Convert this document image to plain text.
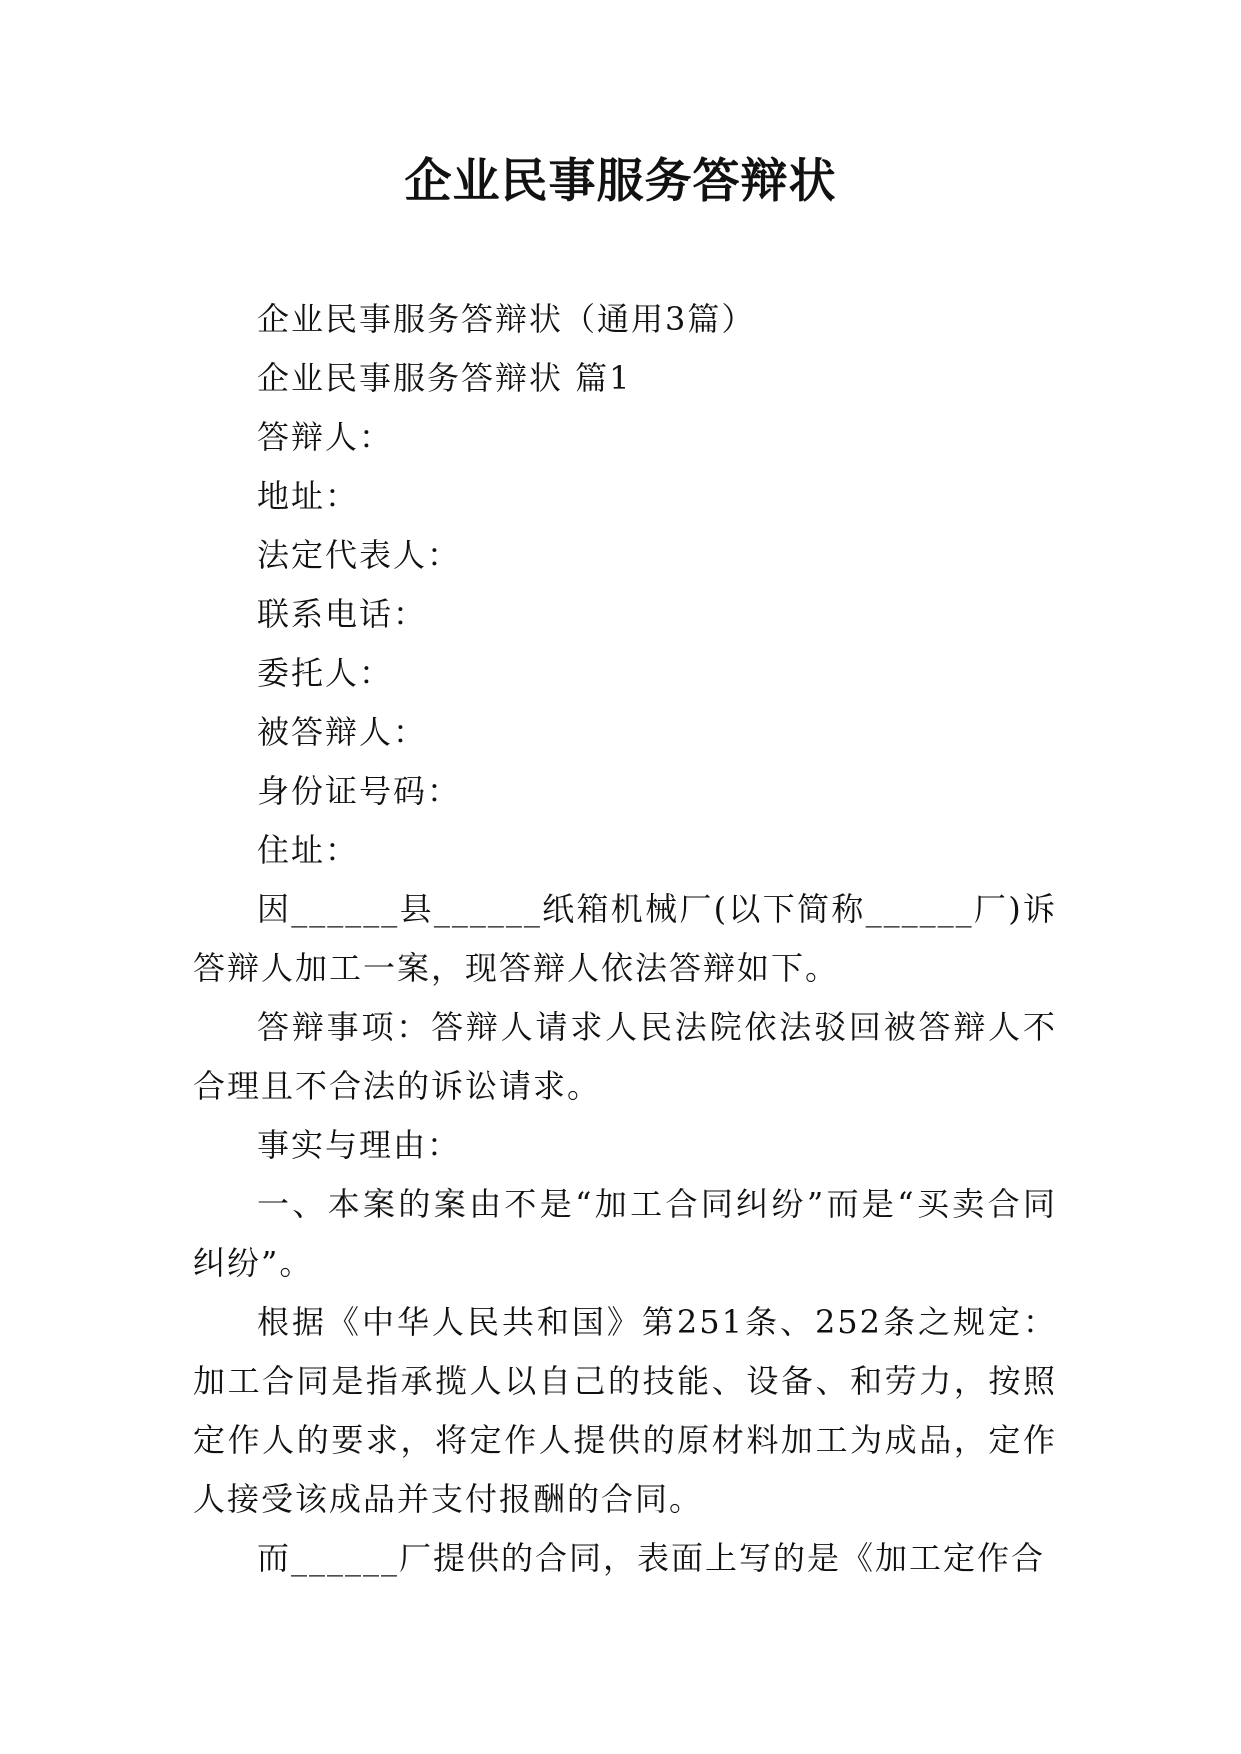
企业民事服务答辩状

企业民事服务答辩状（通用3篇）

企业民事服务答辩状 篇1

答辩人：

地址：

法定代表人：

联系电话：

委托人：

被答辩人：

身份证号码：

住址：

因______县______纸箱机械厂(以下简称______厂)诉答辩人加工一案，现答辩人依法答辩如下。

答辩事项：答辩人请求人民法院依法驳回被答辩人不合理且不合法的诉讼请求。

事实与理由：

一、本案的案由不是“加工合同纠纷”而是“买卖合同纠纷”。

根据《中华人民共和国》第251条、252条之规定：加工合同是指承揽人以自己的技能、设备、和劳力，按照定作人的要求，将定作人提供的原材料加工为成品，定作人接受该成品并支付报酬的合同。

而______厂提供的合同，表面上写的是《加工定作合
